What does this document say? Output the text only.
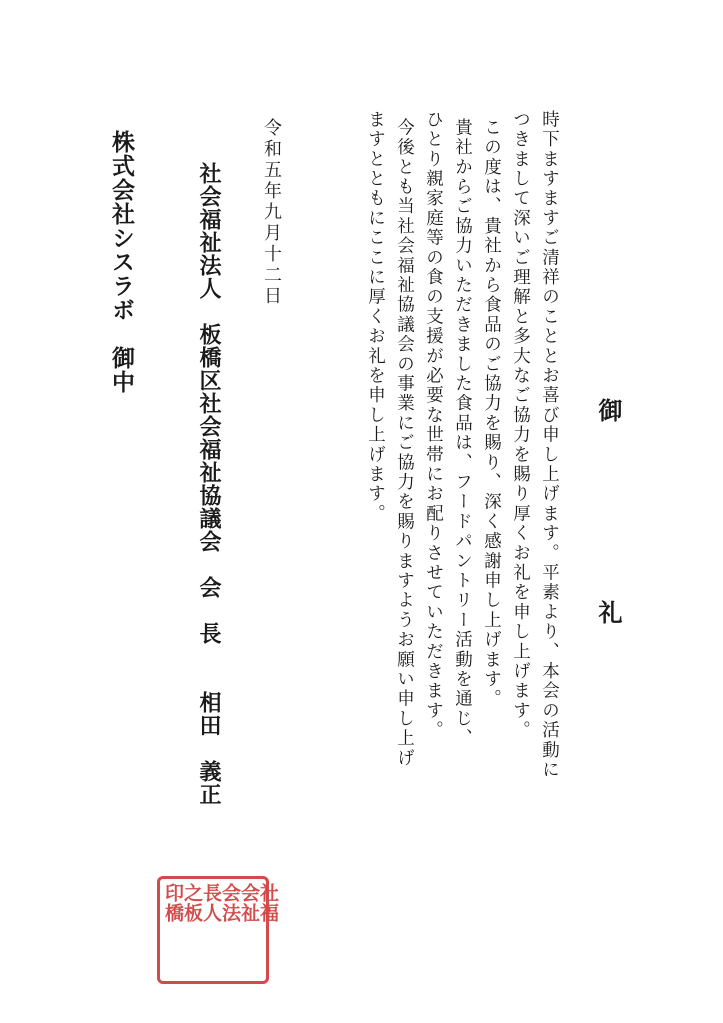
御
礼
時下ますますご清祥のこととお喜び申し上げます。平素より、本会の活動に
つきまして深いご理解と多大なご協力を賜り厚くお礼を申し上げます。
この度は、貴社から食品のご協力を賜り、深く感謝申し上げます。
貴社からご協力いただきました食品は、フードパントリー活動を通じ、
ひとり親家庭等の食の支援が必要な世帯にお配りさせていただきます。
今後とも当社会福祉協議会の事業にご協力を賜りますようお願い申し上げ
ますとともにここに厚くお礼を申し上げます。
令和五年九月十二日
社会福祉法人　板橋区社会福祉協議会　会　長　　相田　義正
株式会社シスラボ　御中
社福
会祉
会法
長人
之板
印橋
